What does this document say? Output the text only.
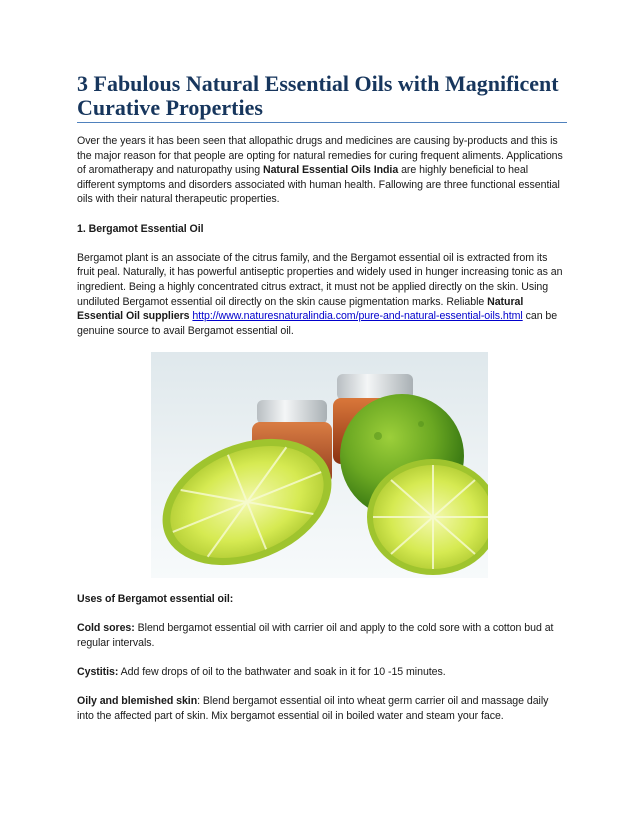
3 Fabulous Natural Essential Oils with Magnificent Curative Properties

Over the years it has been seen that allopathic drugs and medicines are causing by-products and this is the major reason for that people are opting for natural remedies for curing frequent aliments. Applications of aromatherapy and naturopathy using Natural Essential Oils India are highly beneficial to heal different symptoms and disorders associated with human health. Fallowing are three functional essential oils with their natural therapeutic properties.

1. Bergamot Essential Oil

Bergamot plant is an associate of the citrus family, and the Bergamot essential oil is extracted from its fruit peal. Naturally, it has powerful antiseptic properties and widely used in hunger increasing tonic as an ingredient. Being a highly concentrated citrus extract, it must not be applied directly on the skin. Using undiluted Bergamot essential oil directly on the skin cause pigmentation marks. Reliable Natural Essential Oil suppliers http://www.naturesnaturalindia.com/pure-and-natural-essential-oils.html can be genuine source to avail Bergamot essential oil.

Uses of Bergamot essential oil:

Cold sores: Blend bergamot essential oil with carrier oil and apply to the cold sore with a cotton bud at regular intervals.

Cystitis: Add few drops of oil to the bathwater and soak in it for 10 -15 minutes.

Oily and blemished skin: Blend bergamot essential oil into wheat germ carrier oil and massage daily into the affected part of skin. Mix bergamot essential oil in boiled water and steam your face.
